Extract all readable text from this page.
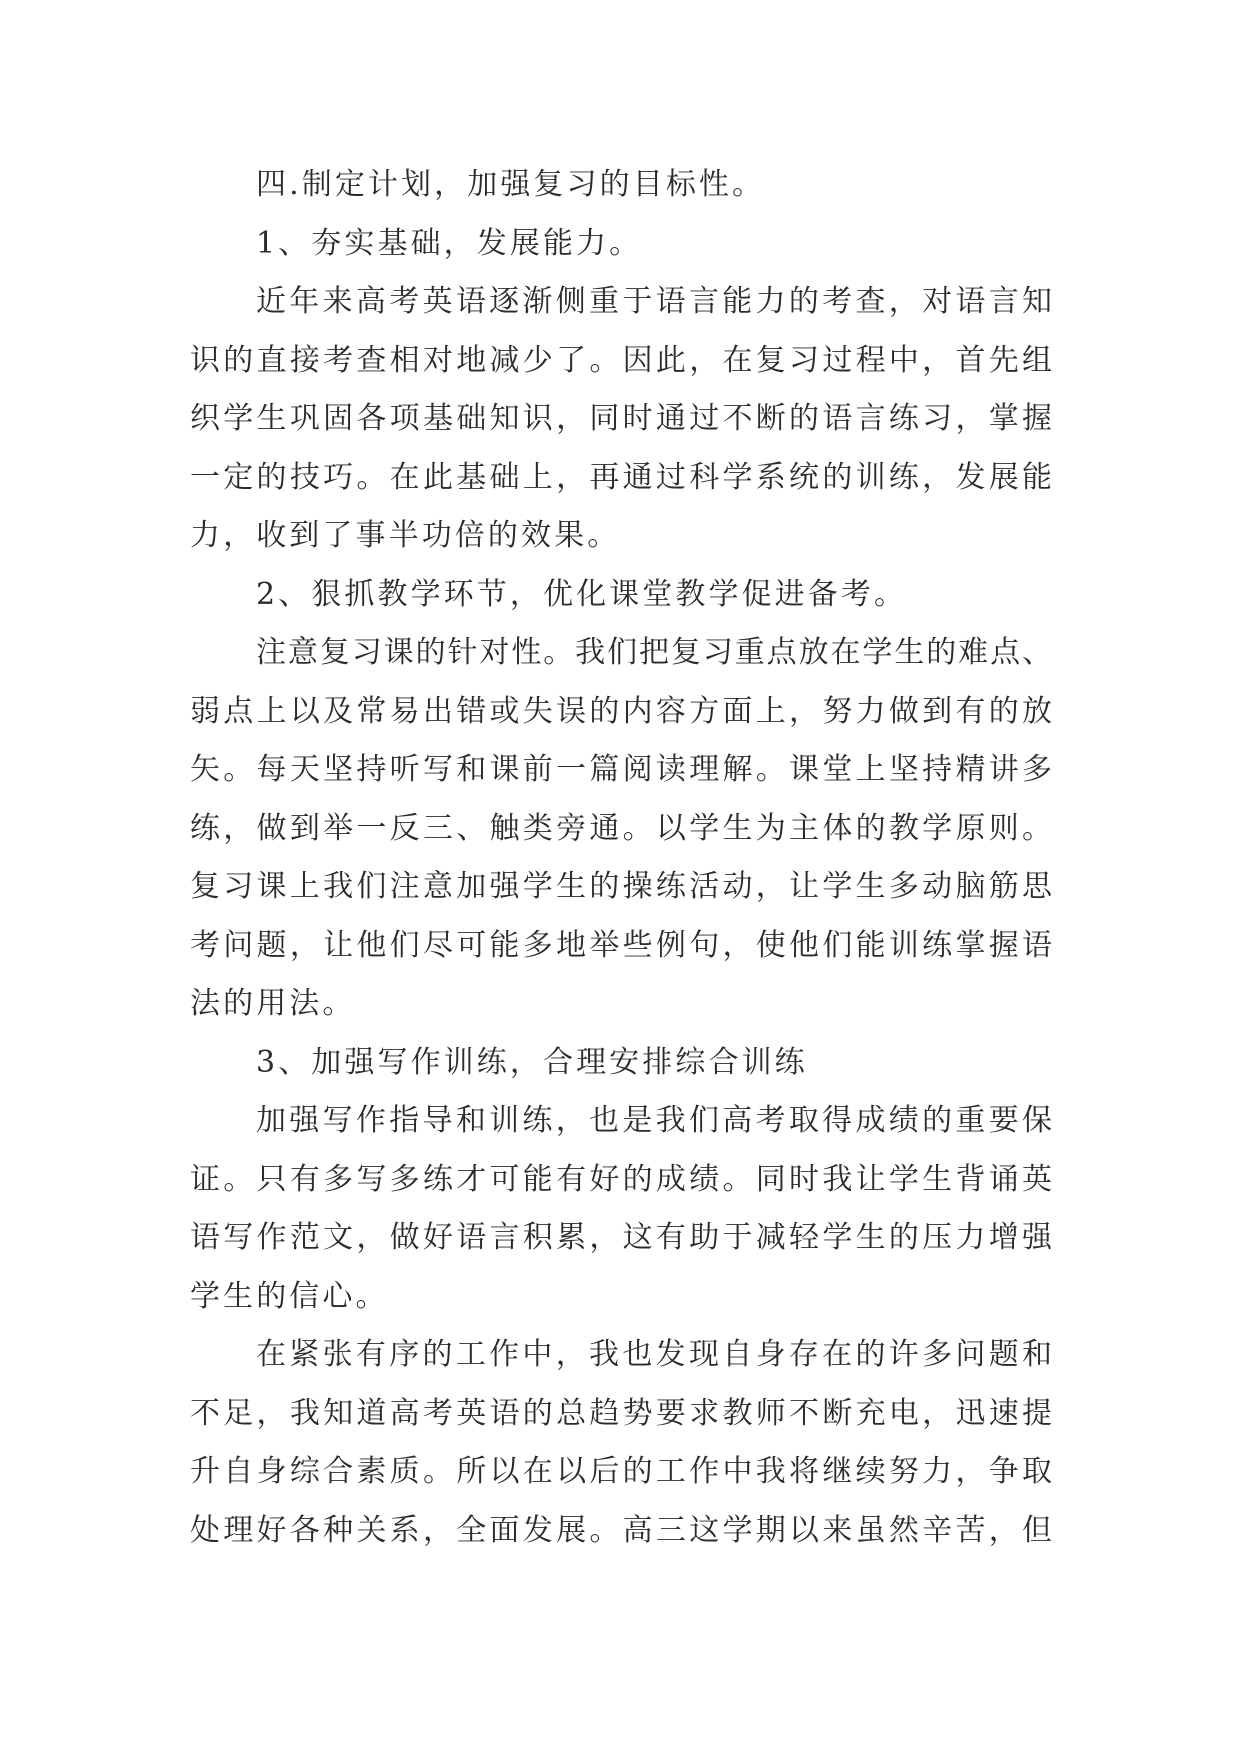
四.制定计划，加强复习的目标性。
1、夯实基础，发展能力。
近年来高考英语逐渐侧重于语言能力的考查，对语言知
识的直接考查相对地减少了。因此，在复习过程中，首先组
织学生巩固各项基础知识，同时通过不断的语言练习，掌握
一定的技巧。在此基础上，再通过科学系统的训练，发展能
力，收到了事半功倍的效果。
2、狠抓教学环节，优化课堂教学促进备考。
注意复习课的针对性。我们把复习重点放在学生的难点、
弱点上以及常易出错或失误的内容方面上，努力做到有的放
矢。每天坚持听写和课前一篇阅读理解。课堂上坚持精讲多
练，做到举一反三、触类旁通。以学生为主体的教学原则。
复习课上我们注意加强学生的操练活动，让学生多动脑筋思
考问题，让他们尽可能多地举些例句，使他们能训练掌握语
法的用法。
3、加强写作训练，合理安排综合训练
加强写作指导和训练，也是我们高考取得成绩的重要保
证。只有多写多练才可能有好的成绩。同时我让学生背诵英
语写作范文，做好语言积累，这有助于减轻学生的压力增强
学生的信心。
在紧张有序的工作中，我也发现自身存在的许多问题和
不足，我知道高考英语的总趋势要求教师不断充电，迅速提
升自身综合素质。所以在以后的工作中我将继续努力，争取
处理好各种关系，全面发展。高三这学期以来虽然辛苦，但
